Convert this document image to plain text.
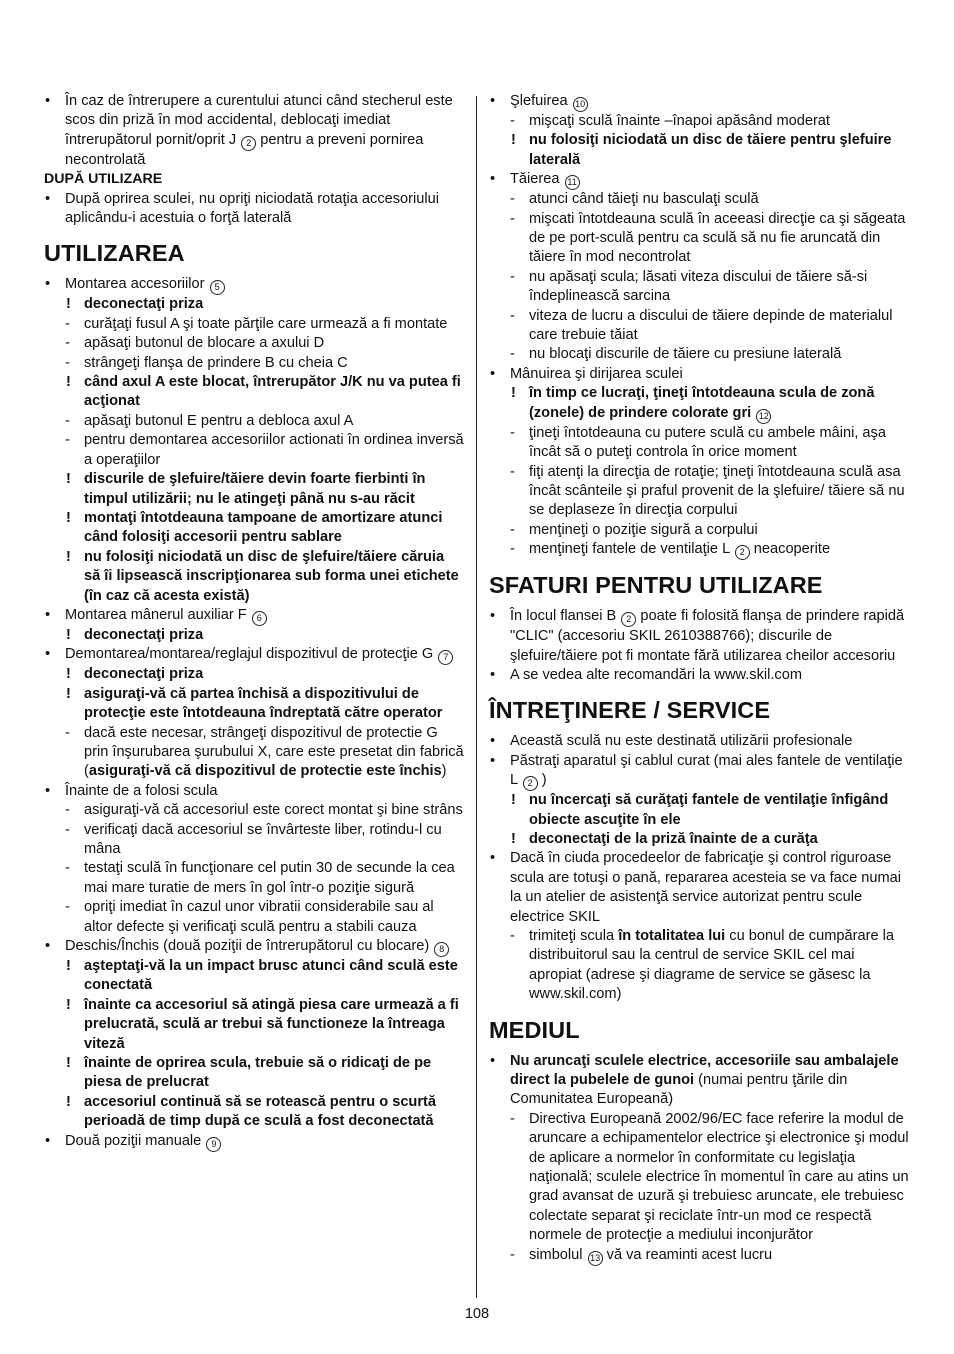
• În caz de întrerupere a curentului atunci când stecherul este scos din priză în mod accidental, deblocaţi imediat întrerupătorul pornit/oprit J 2 pentru a preveni pornirea necontrolată
DUPĂ UTILIZARE
• După oprirea sculei, nu opriţi niciodată rotaţia accesoriului aplicându-i acestuia o forţă laterală
UTILIZAREA
• Montarea accesoriilor 5
! deconectaţi priza
- curăţaţi fusul A şi toate părţile care urmează a fi montate
- apăsaţi butonul de blocare a axului D
- strângeţi flanşa de prindere B cu cheia C
! când axul A este blocat, întrerupător J/K nu va putea fi acţionat
- apăsaţi butonul E pentru a debloca axul A
- pentru demontarea accesoriilor actionati în ordinea inversă a operaţiilor
! discurile de şlefuire/tăiere devin foarte fierbinti în timpul utilizării; nu le atingeţi până nu s-au răcit
! montaţi întotdeauna tampoane de amortizare atunci când folosiţi accesorii pentru sablare
! nu folosiţi niciodată un disc de şlefuire/tăiere căruia să îi lipsească inscripţionarea sub forma unei etichete (în caz că acesta există)
• Montarea mânerul auxiliar F 6
! deconectaţi priza
• Demontarea/montarea/reglajul dispozitivul de protecţie G 7
! deconectaţi priza
! asiguraţi-vă că partea închisă a dispozitivului de protecţie este întotdeauna îndreptată către operator
- dacă este necesar, strângeţi dispozitivul de protectie G prin înşurubarea şurubului X, care este presetat din fabrică (asiguraţi-vă că dispozitivul de protectie este închis)
• Înainte de a folosi scula
- asiguraţi-vă că accesoriul este corect montat şi bine strâns
- verificaţi dacă accesoriul se învârteste liber, rotindu-l cu mâna
- testaţi sculă în funcţionare cel putin 30 de secunde la cea mai mare turatie de mers în gol într-o poziţie sigură
- opriţi imediat în cazul unor vibratii considerabile sau al altor defecte şi verificaţi sculă pentru a stabili cauza
• Deschis/Închis (două poziţii de întrerupătorul cu blocare) 8
! aşteptaţi-vă la un impact brusc atunci când sculă este conectată
! înainte ca accesoriul să atingă piesa care urmează a fi prelucrată, sculă ar trebui să functioneze la întreaga viteză
! înainte de oprirea scula, trebuie să o ridicaţi de pe piesa de prelucrat
! accesoriul continuă să se rotească pentru o scurtă perioadă de timp după ce sculă a fost deconectată
• Două poziţii manuale 9
• Şlefuirea 10
- mişcaţi sculă înainte –înapoi apăsând moderat
! nu folosiţi niciodată un disc de tăiere pentru şlefuire laterală
• Tăierea 11
- atunci când tăiеţi nu basculaţi sculă
- mişcati întotdeauna sculă în aceeasi direcţie ca şi săgeata de pe port-sculă pentru ca sculă să nu fie aruncată din tăiere în mod necontrolat
- nu apăsaţi scula; lăsati viteza discului de tăiere să-si îndeplinească sarcina
- viteza de lucru a discului de tăiere depinde de materialul care trebuie tăiat
- nu blocaţi discurile de tăiere cu presiune laterală
• Mânuirea şi dirijarea sculei
! în timp ce lucraţi, ţineţi întotdeauna scula de zonă (zonele) de prindere colorate gri 12
- ţineţi întotdeauna cu putere sculă cu ambele mâini, aşa încât să o puteţi controla în orice moment
- fiţi atenţi la direcţia de rotaţie; ţineţi întotdeauna sculă asa încât scânteile şi praful provenit de la şlefuire/ tăiere să nu se deplaseze în direcţia corpului
- menţineţi o poziţie sigură a corpului
- menţineţi fantele de ventilaţie L 2 neacoperite
SFATURI PENTRU UTILIZARE
• În locul flansei B 2 poate fi folosită flanşa de prindere rapidă "CLIC" (accesoriu SKIL 2610388766); discurile de şlefuire/tăiere pot fi montate fără utilizarea cheilor accesoriu
• A se vedea alte recomandări la www.skil.com
ÎNTREŢINERE / SERVICE
• Această sculă nu este destinată utilizării profesionale
• Păstraţi aparatul şi cablul curat (mai ales fantele de ventilaţie L 2 )
! nu încercaţi să curăţaţi fantele de ventilaţie înfigând obiecte ascuţite în ele
! deconectaţi de la priză înainte de a curăţa
• Dacă în ciuda procedeelor de fabricaţie şi control riguroase scula are totuşi o pană, repararea acesteia se va face numai la un atelier de asistenţă service autorizat pentru scule electrice SKIL
- trimiteţi scula în totalitatea lui cu bonul de cumpărare la distribuitorul sau la centrul de service SKIL cel mai apropiat (adrese şi diagrame de service se găsesc la www.skil.com)
MEDIUL
• Nu aruncaţi sculele electrice, accesoriile sau ambalajele direct la pubelele de gunoi (numai pentru ţările din Comunitatea Europeană)
- Directiva Europeană 2002/96/EC face referire la modul de aruncare a echipamentelor electrice şi electronice şi modul de aplicare a normelor în conformitate cu legislaţia naţională; sculele electrice în momentul în care au atins un grad avansat de uzură şi trebuiesc aruncate, ele trebuiesc colectate separat şi reciclate într-un mod ce respectă normele de protecţie a mediului inconjurător
- simbolul 13 vă va reaminti acest lucru
108
